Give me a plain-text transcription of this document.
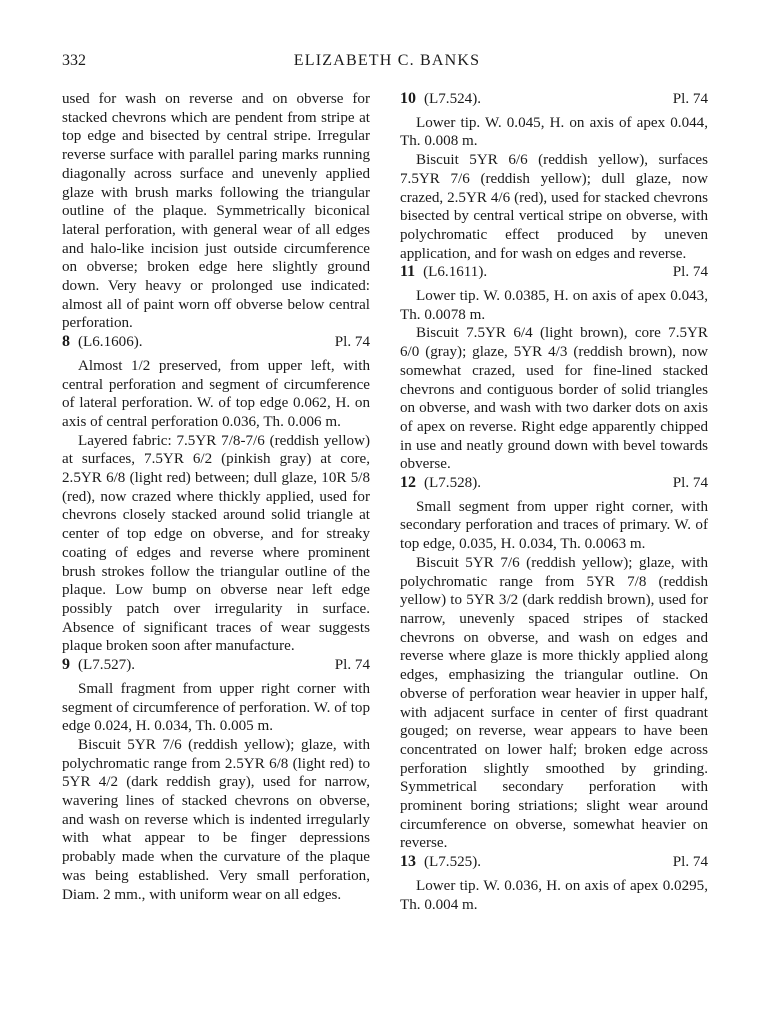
332	ELIZABETH C. BANKS

used for wash on reverse and on obverse for stacked chevrons which are pendent from stripe at top edge and bisected by central stripe. Irregular reverse surface with parallel paring marks running diagonally across surface and unevenly applied glaze with brush marks following the triangular outline of the plaque. Symmetrically biconical lateral perforation, with general wear of all edges and halo-like incision just outside circumference on obverse; broken edge here slightly ground down. Very heavy or prolonged use indicated: almost all of paint worn off obverse below central perforation.

8 (L6.1606).	Pl. 74

Almost 1/2 preserved, from upper left, with central perforation and segment of circumference of lateral perforation. W. of top edge 0.062, H. on axis of central perforation 0.036, Th. 0.006 m.

Layered fabric: 7.5YR 7/8-7/6 (reddish yellow) at surfaces, 7.5YR 6/2 (pinkish gray) at core, 2.5YR 6/8 (light red) between; dull glaze, 10R 5/8 (red), now crazed where thickly applied, used for chevrons closely stacked around solid triangle at center of top edge on obverse, and for streaky coating of edges and reverse where prominent brush strokes follow the triangular outline of the plaque. Low bump on obverse near left edge possibly patch over irregularity in surface. Absence of significant traces of wear suggests plaque broken soon after manufacture.

9 (L7.527).	Pl. 74

Small fragment from upper right corner with segment of circumference of perforation. W. of top edge 0.024, H. 0.034, Th. 0.005 m.

Biscuit 5YR 7/6 (reddish yellow); glaze, with polychromatic range from 2.5YR 6/8 (light red) to 5YR 4/2 (dark reddish gray), used for narrow, wavering lines of stacked chevrons on obverse, and wash on reverse which is indented irregularly with what appear to be finger depressions probably made when the curvature of the plaque was being established. Very small perforation, Diam. 2 mm., with uniform wear on all edges.

10 (L7.524).	Pl. 74

Lower tip. W. 0.045, H. on axis of apex 0.044, Th. 0.008 m.

Biscuit 5YR 6/6 (reddish yellow), surfaces 7.5YR 7/6 (reddish yellow); dull glaze, now crazed, 2.5YR 4/6 (red), used for stacked chevrons bisected by central vertical stripe on obverse, with polychromatic effect produced by uneven application, and for wash on edges and reverse.

11 (L6.1611).	Pl. 74

Lower tip. W. 0.0385, H. on axis of apex 0.043, Th. 0.0078 m.

Biscuit 7.5YR 6/4 (light brown), core 7.5YR 6/0 (gray); glaze, 5YR 4/3 (reddish brown), now somewhat crazed, used for fine-lined stacked chevrons and contiguous border of solid triangles on obverse, and wash with two darker dots on axis of apex on reverse. Right edge apparently chipped in use and neatly ground down with bevel towards obverse.

12 (L7.528).	Pl. 74

Small segment from upper right corner, with secondary perforation and traces of primary. W. of top edge, 0.035, H. 0.034, Th. 0.0063 m.

Biscuit 5YR 7/6 (reddish yellow); glaze, with polychromatic range from 5YR 7/8 (reddish yellow) to 5YR 3/2 (dark reddish brown), used for narrow, unevenly spaced stripes of stacked chevrons on obverse, and wash on edges and reverse where glaze is more thickly applied along edges, emphasizing the triangular outline. On obverse of perforation wear heavier in upper half, with adjacent surface in center of first quadrant gouged; on reverse, wear appears to have been concentrated on lower half; broken edge across perforation slightly smoothed by grinding. Symmetrical secondary perforation with prominent boring striations; slight wear around circumference on obverse, somewhat heavier on reverse.

13 (L7.525).	Pl. 74

Lower tip. W. 0.036, H. on axis of apex 0.0295, Th. 0.004 m.
